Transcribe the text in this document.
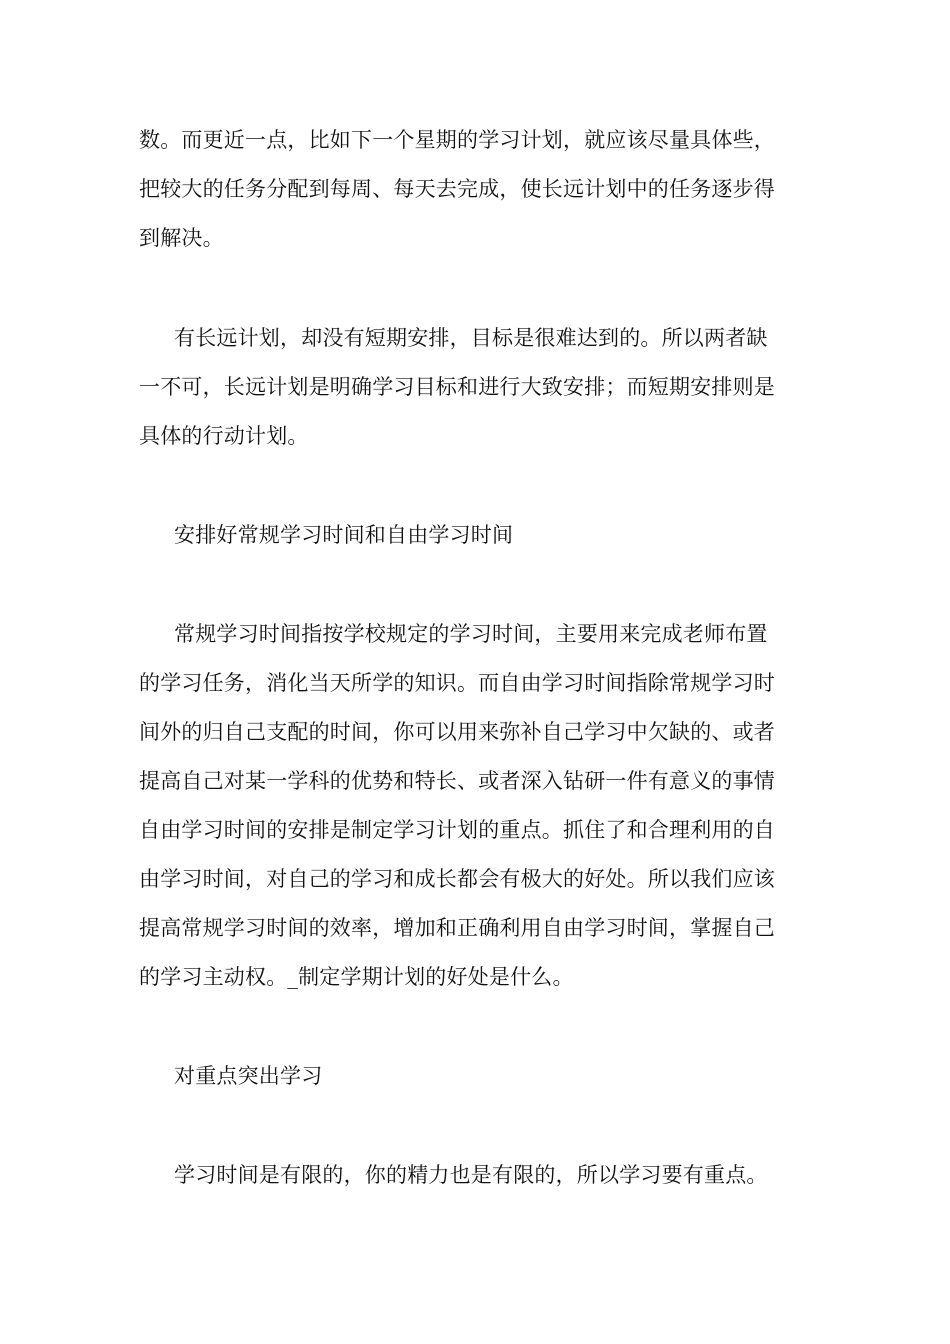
数。而更近一点，比如下一个星期的学习计划，就应该尽量具体些，
把较大的任务分配到每周、每天去完成，使长远计划中的任务逐步得
到解决。
有长远计划，却没有短期安排，目标是很难达到的。所以两者缺
一不可，长远计划是明确学习目标和进行大致安排；而短期安排则是
具体的行动计划。
安排好常规学习时间和自由学习时间
常规学习时间指按学校规定的学习时间，主要用来完成老师布置
的学习任务，消化当天所学的知识。而自由学习时间指除常规学习时
间外的归自己支配的时间，你可以用来弥补自己学习中欠缺的、或者
提高自己对某一学科的优势和特长、或者深入钻研一件有意义的事情
自由学习时间的安排是制定学习计划的重点。抓住了和合理利用的自
由学习时间，对自己的学习和成长都会有极大的好处。所以我们应该
提高常规学习时间的效率，增加和正确利用自由学习时间，掌握自己
的学习主动权。_制定学期计划的好处是什么。
对重点突出学习
学习时间是有限的，你的精力也是有限的，所以学习要有重点。
